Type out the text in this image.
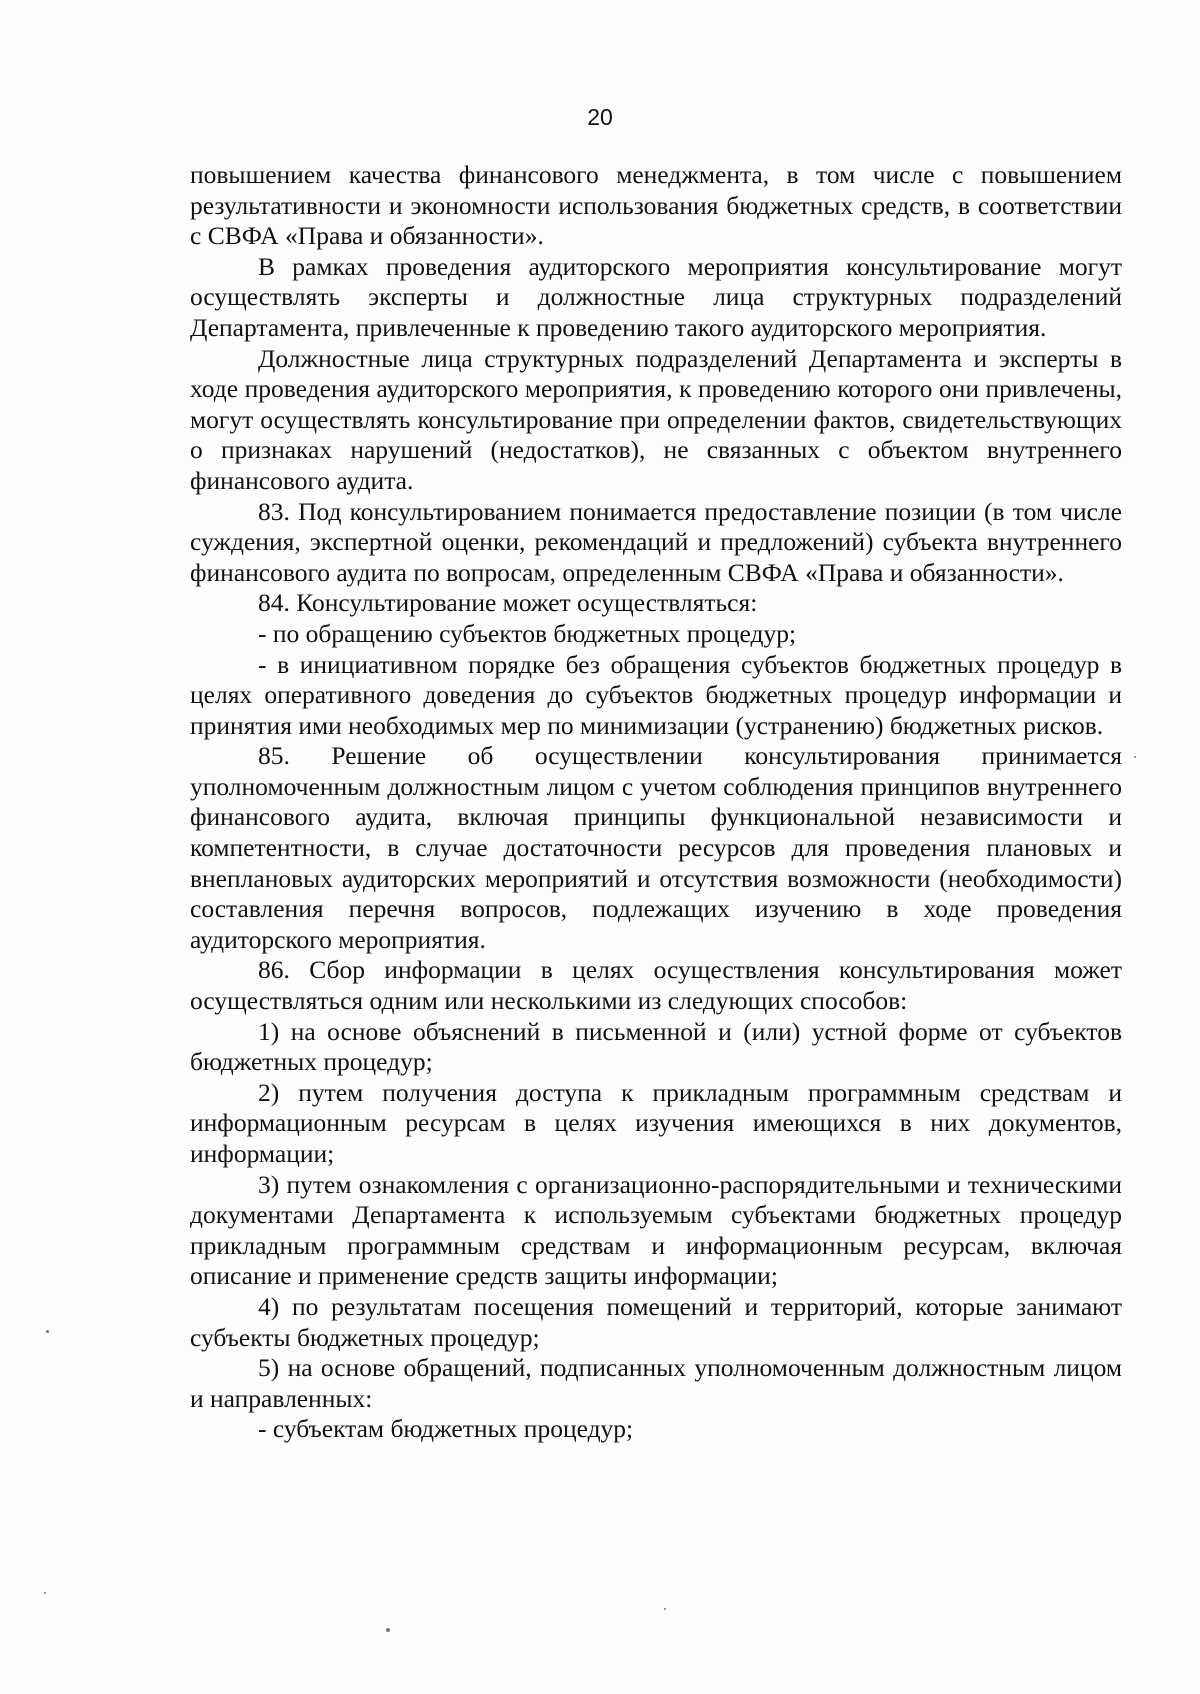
20

повышением качества финансового менеджмента, в том числе с повышением результативности и экономности использования бюджетных средств, в соответствии с СВФА «Права и обязанности».

В рамках проведения аудиторского мероприятия консультирование могут осуществлять эксперты и должностные лица структурных подразделений Департамента, привлеченные к проведению такого аудиторского мероприятия.

Должностные лица структурных подразделений Департамента и эксперты в ходе проведения аудиторского мероприятия, к проведению которого они привлечены, могут осуществлять консультирование при определении фактов, свидетельствующих о признаках нарушений (недостатков), не связанных с объектом внутреннего финансового аудита.

83. Под консультированием понимается предоставление позиции (в том числе суждения, экспертной оценки, рекомендаций и предложений) субъекта внутреннего финансового аудита по вопросам, определенным СВФА «Права и обязанности».

84. Консультирование может осуществляться:

- по обращению субъектов бюджетных процедур;

- в инициативном порядке без обращения субъектов бюджетных процедур в целях оперативного доведения до субъектов бюджетных процедур информации и принятия ими необходимых мер по минимизации (устранению) бюджетных рисков.

85. Решение об осуществлении консультирования принимается уполномоченным должностным лицом с учетом соблюдения принципов внутреннего финансового аудита, включая принципы функциональной независимости и компетентности, в случае достаточности ресурсов для проведения плановых и внеплановых аудиторских мероприятий и отсутствия возможности (необходимости) составления перечня вопросов, подлежащих изучению в ходе проведения аудиторского мероприятия.

86. Сбор информации в целях осуществления консультирования может осуществляться одним или несколькими из следующих способов:

1) на основе объяснений в письменной и (или) устной форме от субъектов бюджетных процедур;

2) путем получения доступа к прикладным программным средствам и информационным ресурсам в целях изучения имеющихся в них документов, информации;

3) путем ознакомления с организационно-распорядительными и техническими документами Департамента к используемым субъектами бюджетных процедур прикладным программным средствам и информационным ресурсам, включая описание и применение средств защиты информации;

4) по результатам посещения помещений и территорий, которые занимают субъекты бюджетных процедур;

5) на основе обращений, подписанных уполномоченным должностным лицом и направленных:

- субъектам бюджетных процедур;
